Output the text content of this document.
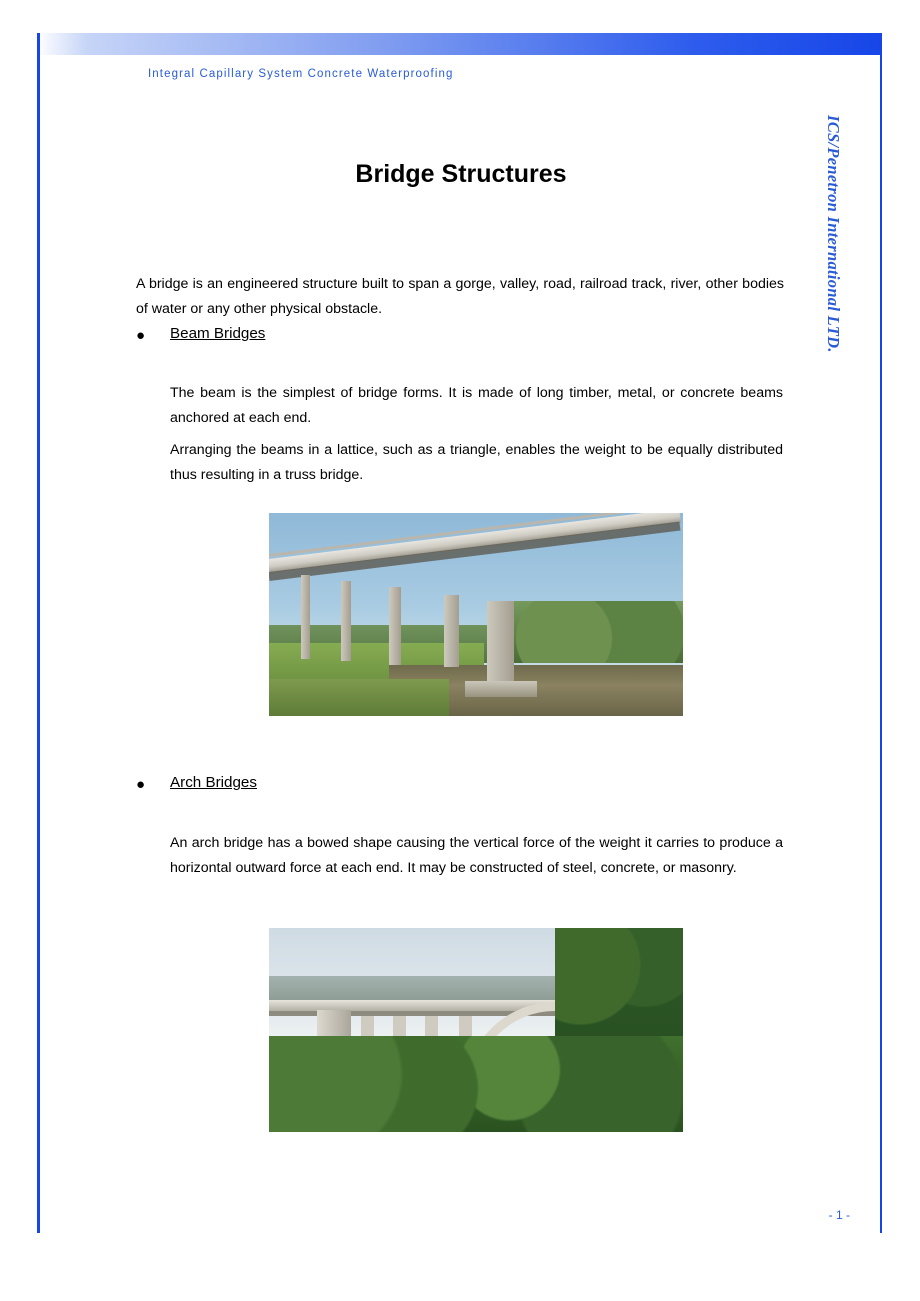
Integral Capillary System Concrete Waterproofing
Bridge Structures	ICS/Penetron International LTD.

A bridge is an engineered structure built to span a gorge, valley, road, railroad track, river, other bodies of water or any other physical obstacle.

●	Beam Bridges

The beam is the simplest of bridge forms. It is made of long timber, metal, or concrete beams anchored at each end.

Arranging the beams in a lattice, such as a triangle, enables the weight to be equally distributed thus resulting in a truss bridge.

●	Arch Bridges

An arch bridge has a bowed shape causing the vertical force of the weight it carries to produce a horizontal outward force at each end. It may be constructed of steel, concrete, or masonry.

- 1 -
